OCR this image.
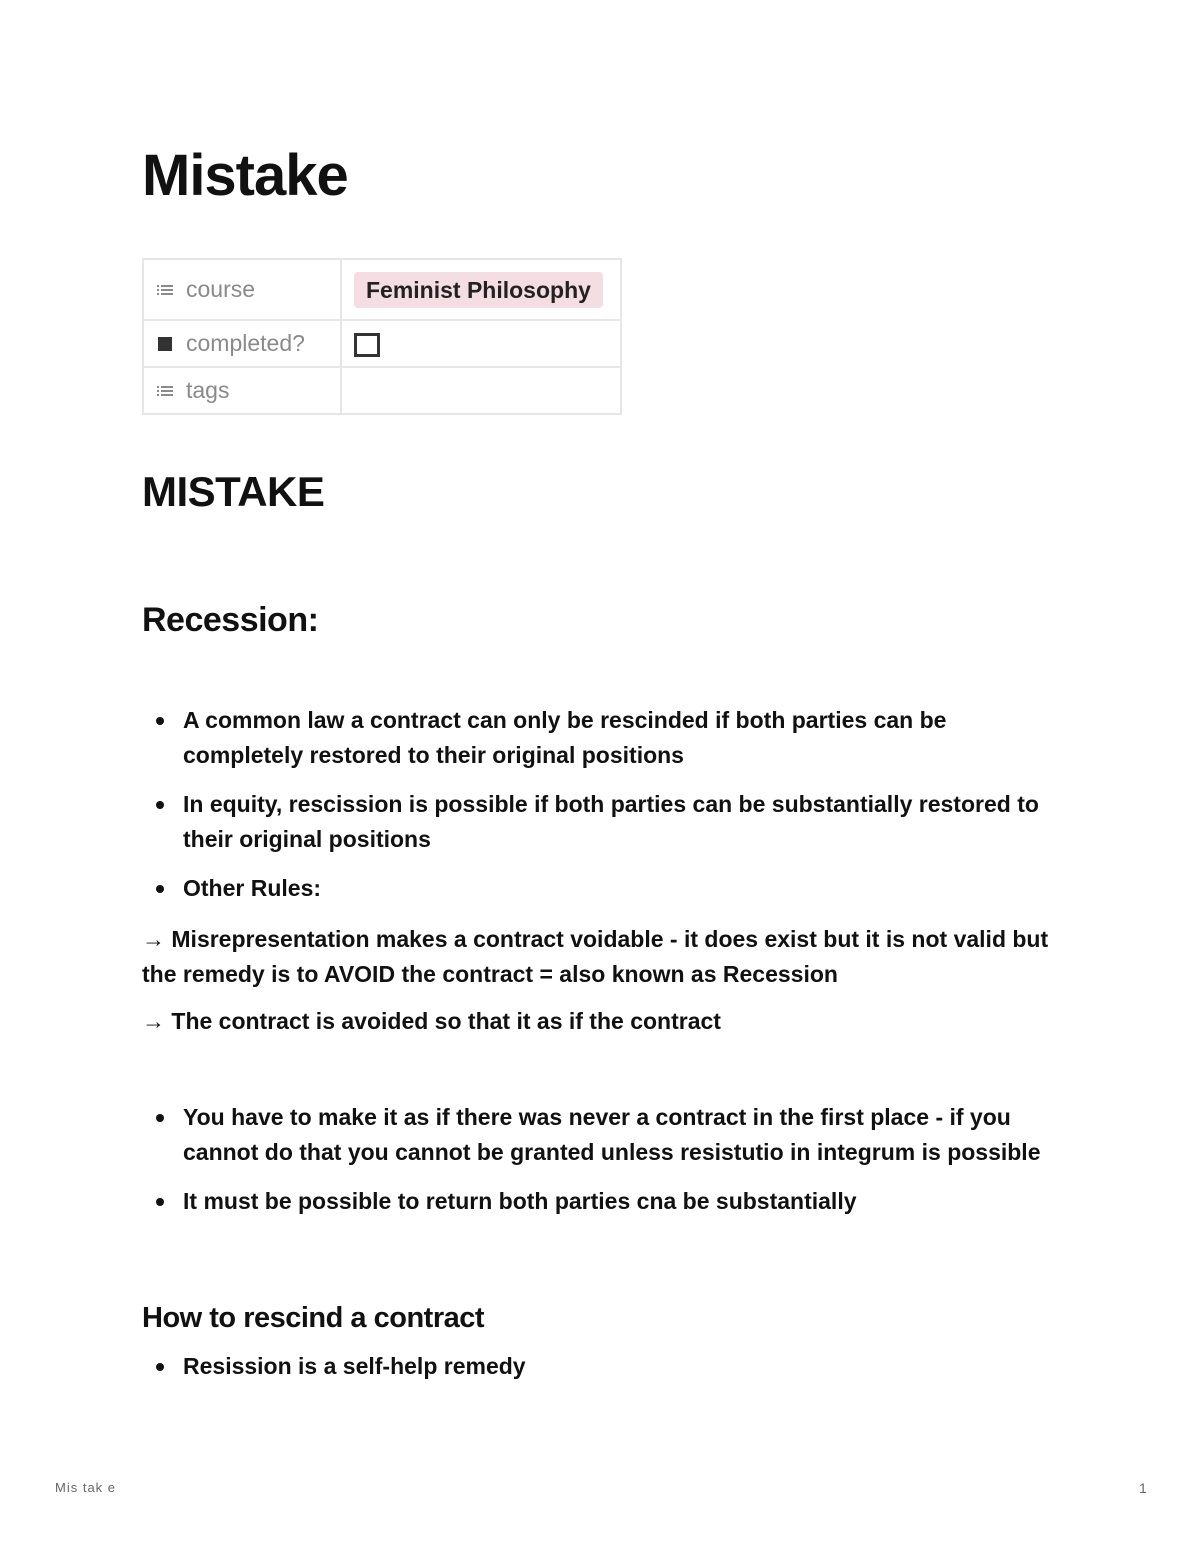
Mistake
course	Feminist Philosophy

completed?	

tags	

MISTAKE
Recession:
A common law a contract can only be rescinded if both parties can be completely restored to their original positions
In equity, rescission is possible if both parties can be substantially restored to their original positions
Other Rules:

→ Misrepresentation makes a contract voidable - it does exist but it is not valid but the remedy is to AVOID the contract = also known as Recession

→ The contract is avoided so that it as if the contract

You have to make it as if there was never a contract in the first place - if you cannot do that you cannot be granted unless resistutio in integrum is possible
It must be possible to return both parties cna be substantially
How to rescind a contract
Resission is a self-help remedy
Mis tak e	1
